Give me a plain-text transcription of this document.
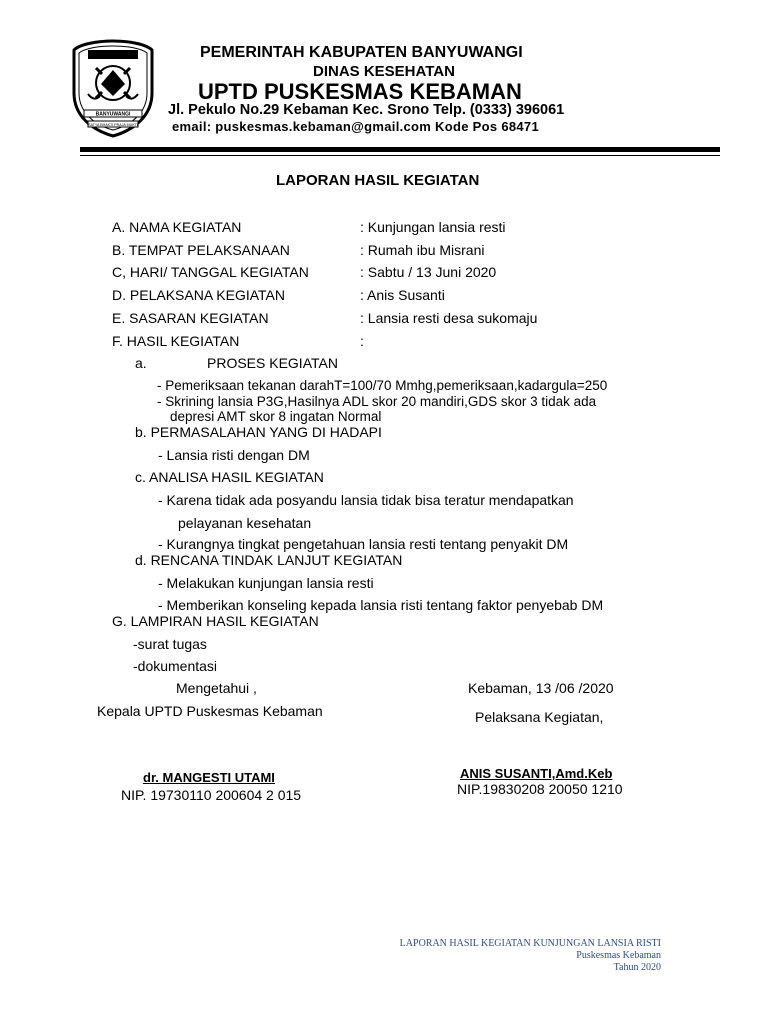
BANYUWANGI
SATYA BHAKTI PRAJA MUKTI
PEMERINTAH KABUPATEN BANYUWANGI
DINAS KESEHATAN
UPTD PUSKESMAS KEBAMAN
Jl. Pekulo No.29 Kebaman Kec. Srono Telp. (0333) 396061
email: puskesmas.kebaman@gmail.com Kode Pos 68471
LAPORAN HASIL KEGIATAN
A. NAMA KEGIATAN	: Kunjungan lansia resti
B. TEMPAT PELAKSANAAN	: Rumah ibu Misrani
C, HARI/ TANGGAL KEGIATAN	: Sabtu / 13 Juni 2020
D. PELAKSANA KEGIATAN	: Anis Susanti
E. SASARAN KEGIATAN	: Lansia resti desa sukomaju
F. HASIL KEGIATAN	:
a.	PROSES KEGIATAN
- Pemeriksaan tekanan darahT=100/70 Mmhg,pemeriksaan,kadargula=250
- Skrining lansia P3G,Hasilnya ADL skor 20 mandiri,GDS skor 3 tidak ada
depresi AMT skor 8 ingatan Normal
b. PERMASALAHAN YANG DI HADAPI
- Lansia risti dengan DM
c. ANALISA HASIL KEGIATAN
- Karena tidak ada posyandu lansia tidak bisa teratur mendapatkan
pelayanan kesehatan
- Kurangnya tingkat pengetahuan lansia resti tentang penyakit DM
d. RENCANA TINDAK LANJUT KEGIATAN
- Melakukan kunjungan lansia resti
- Memberikan konseling kepada lansia risti tentang faktor penyebab DM
G. LAMPIRAN HASIL KEGIATAN
-surat tugas
-dokumentasi
Mengetahui ,
Kepala UPTD Puskesmas Kebaman
dr. MANGESTI UTAMI
NIP. 19730110 200604 2 015
Kebaman, 13 /06 /2020
Pelaksana Kegiatan,
ANIS SUSANTI,Amd.Keb
NIP.19830208 20050 1210
LAPORAN HASIL KEGIATAN KUNJUNGAN LANSIA RISTI
Puskesmas Kebaman
Tahun 2020
